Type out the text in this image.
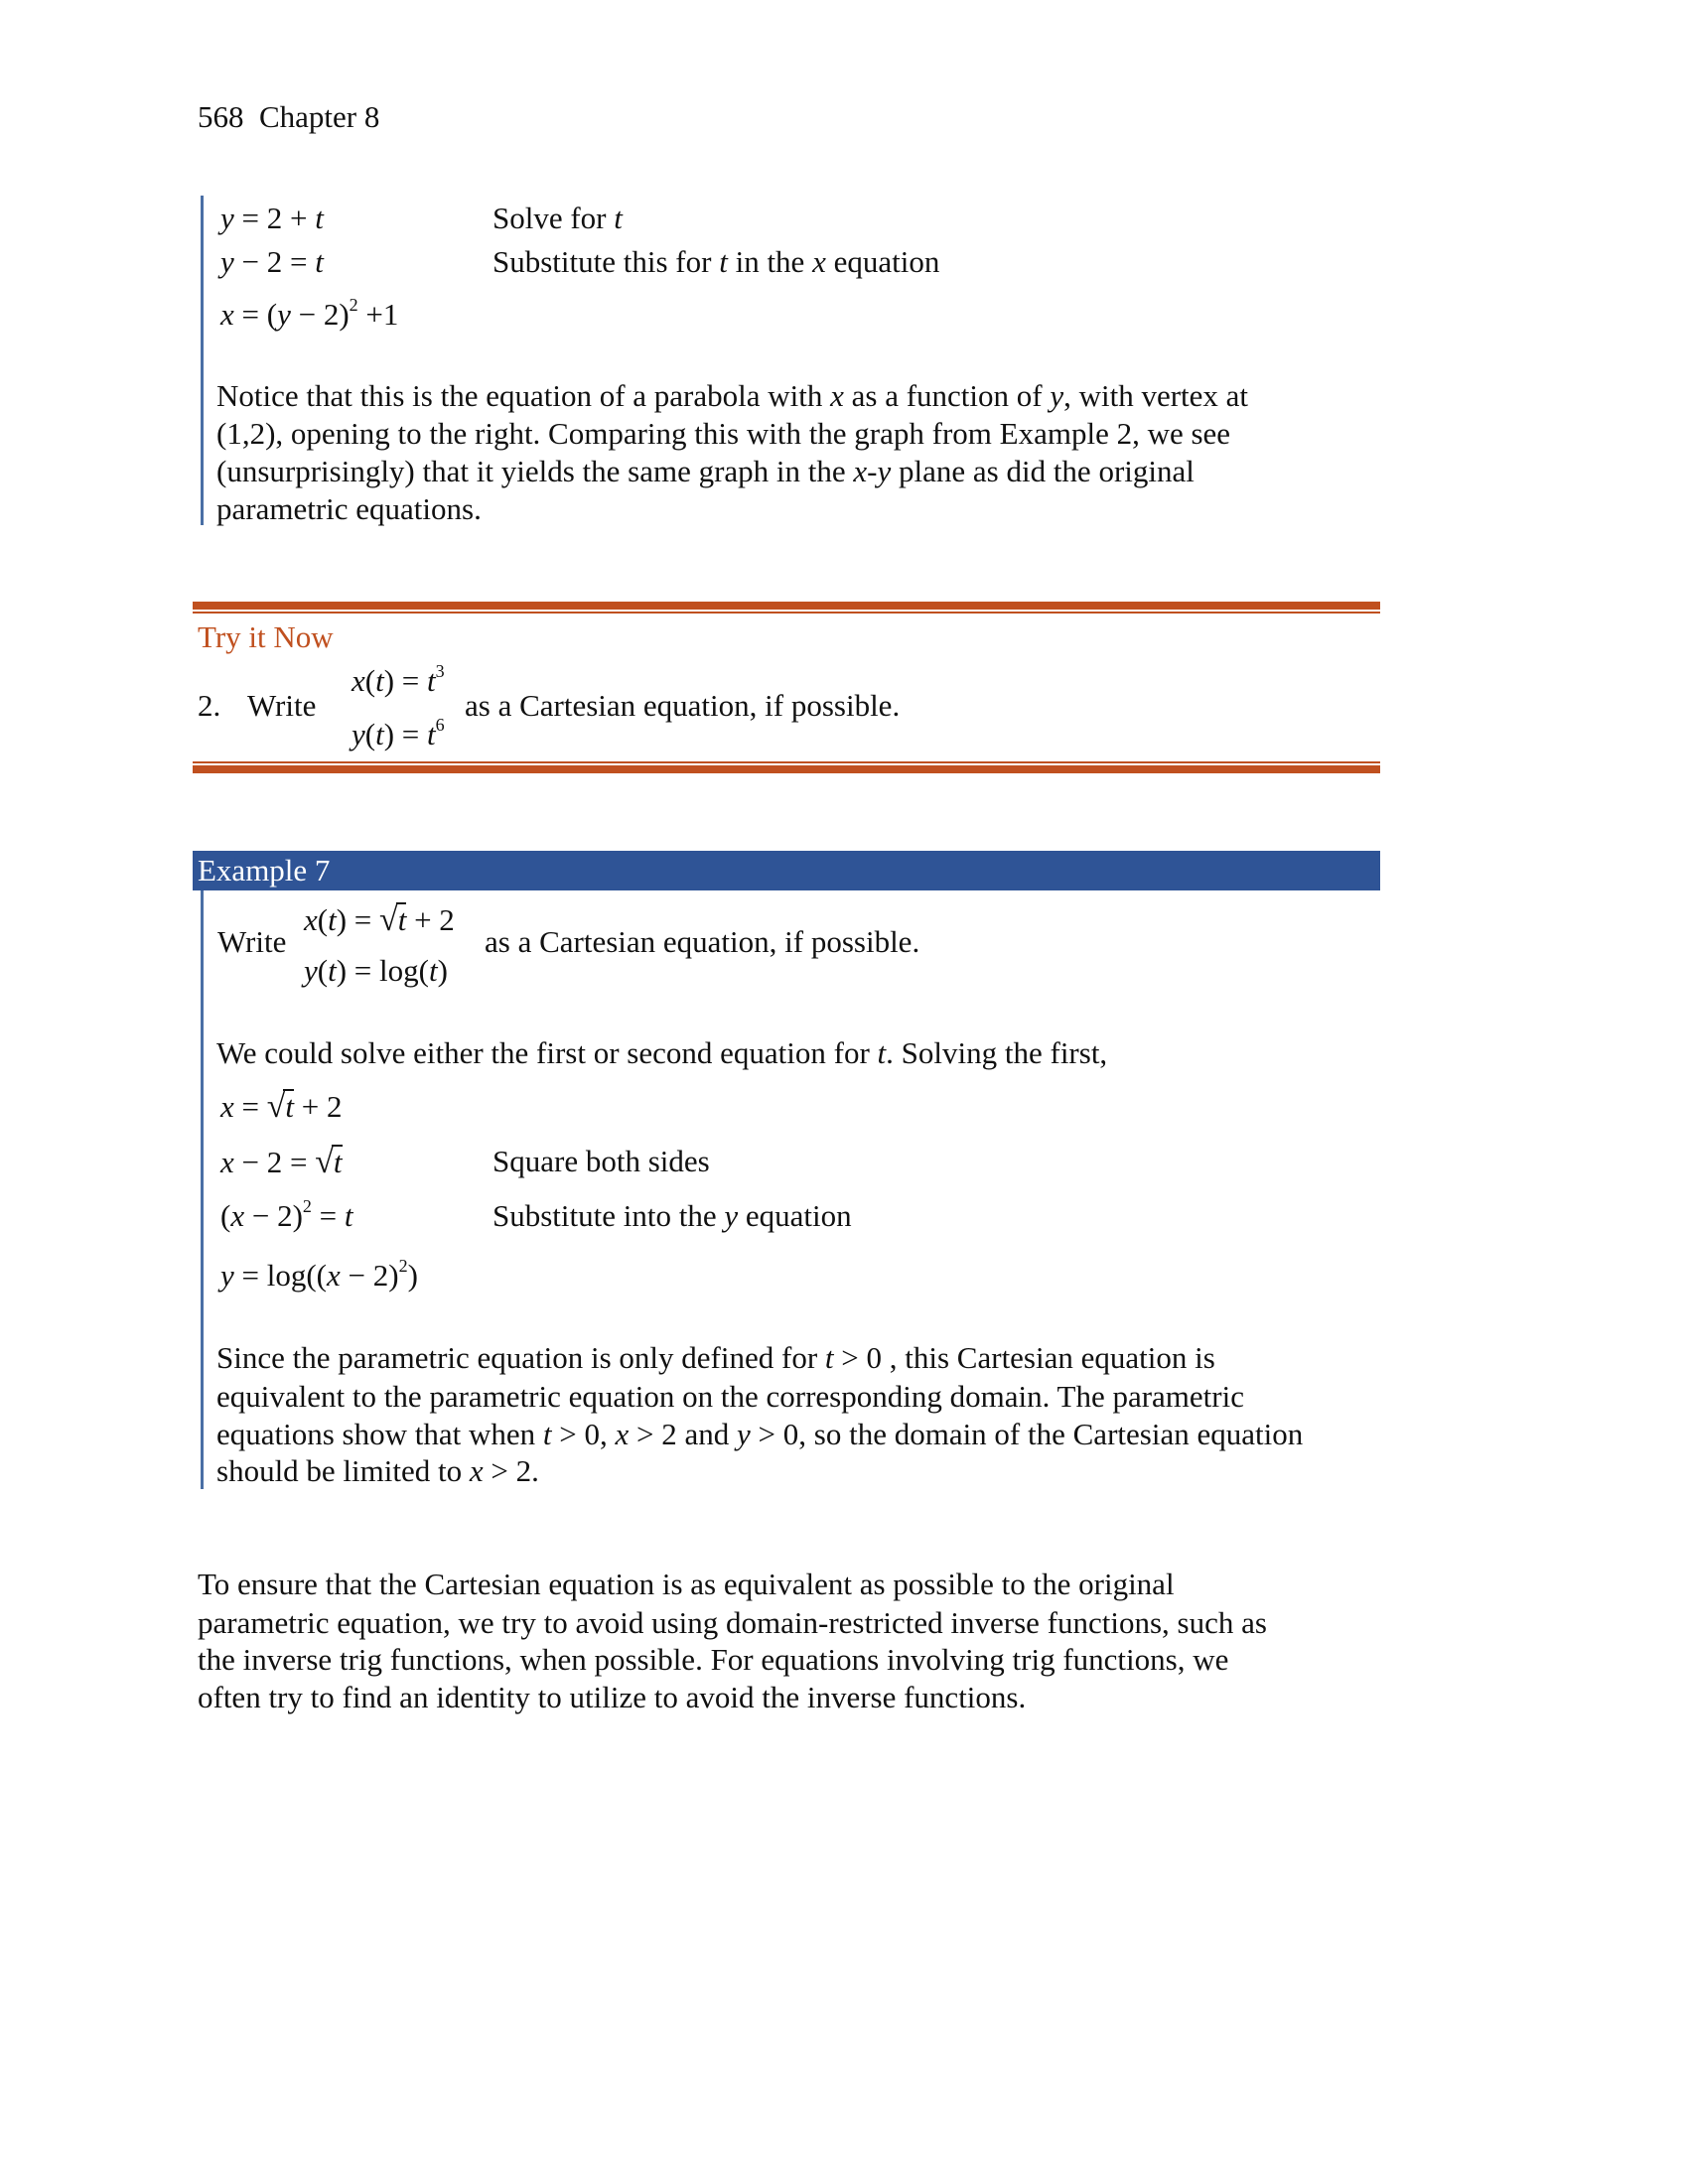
568 Chapter 8
y = 2 + t	Solve for t
y − 2 = t	Substitute this for t in the x equation
$x = (y - 2)^2 +1$
Notice that this is the equation of a parabola with x as a function of y, with vertex at
(1,2), opening to the right. Comparing this with the graph from Example 2, we see
(unsurprisingly) that it yields the same graph in the x-y plane as did the original
parametric equations.
Try it Now
2. Write
$x(t) = t^3$
$y(t) = t^6$
as a Cartesian equation, if possible.
Example 7
Write
x(t) = √t + 2
y(t) = log(t)
as a Cartesian equation, if possible.
We could solve either the first or second equation for t. Solving the first,
x = √t + 2
x − 2 = √t	Square both sides
$(x - 2)^2 = t$	Substitute into the y equation
$y = \log((x - 2)^2)$
Since the parametric equation is only defined for t > 0 , this Cartesian equation is
equivalent to the parametric equation on the corresponding domain. The parametric
equations show that when t > 0, x > 2 and y > 0, so the domain of the Cartesian equation
should be limited to x > 2.
To ensure that the Cartesian equation is as equivalent as possible to the original
parametric equation, we try to avoid using domain-restricted inverse functions, such as
the inverse trig functions, when possible. For equations involving trig functions, we
often try to find an identity to utilize to avoid the inverse functions.
